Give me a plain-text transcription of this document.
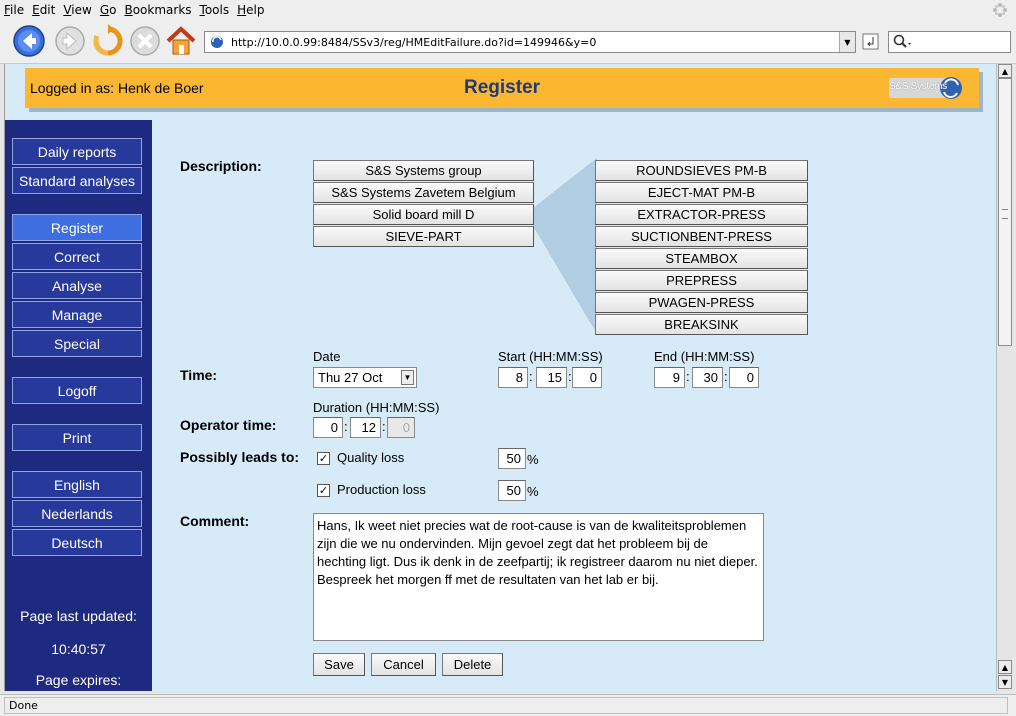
File Edit View Go Bookmarks Tools Help
http://10.0.0.99:8484/SSv3/reg/HMEditFailure.do?id=149946&y=0	▼
Logged in as: Henk de Boer	Register	S&S Systems
Daily reports
Standard analyses
Register
Correct
Analyse
Manage
Special
Logoff
Print
English
Nederlands
Deutsch
Page last updated:
10:40:57
Page expires:
Description:	S&S Systems group
S&S Systems Zavetem Belgium
Solid board mill D
SIEVE-PART
ROUNDSIEVES PM-B
EJECT-MAT PM-B
EXTRACTOR-PRESS
SUCTIONBENT-PRESS
STEAMBOX
PREPRESS
PWAGEN-PRESS
BREAKSINK
Time:
Date
Thu 27 Oct	▼
Start (HH:MM:SS)
8 :	15 :	0
End (HH:MM:SS)
9 :	30 :	0
Operator time:
Duration (HH:MM:SS)
0 :	12 :	0
Possibly leads to: ✓ Quality loss	50 %
✓ Production loss	50 %
Comment:	Hans, Ik weet niet precies wat de root-cause is van de kwaliteitsproblemen zijn die we nu ondervinden. Mijn gevoel zegt dat het probleem bij de hechting ligt. Dus ik denk in de zeefpartij; ik registreer daarom nu niet dieper. Bespreek het morgen ff met de resultaten van het lab er bij.
Save	Cancel	Delete
▲
▲
▼
Done
